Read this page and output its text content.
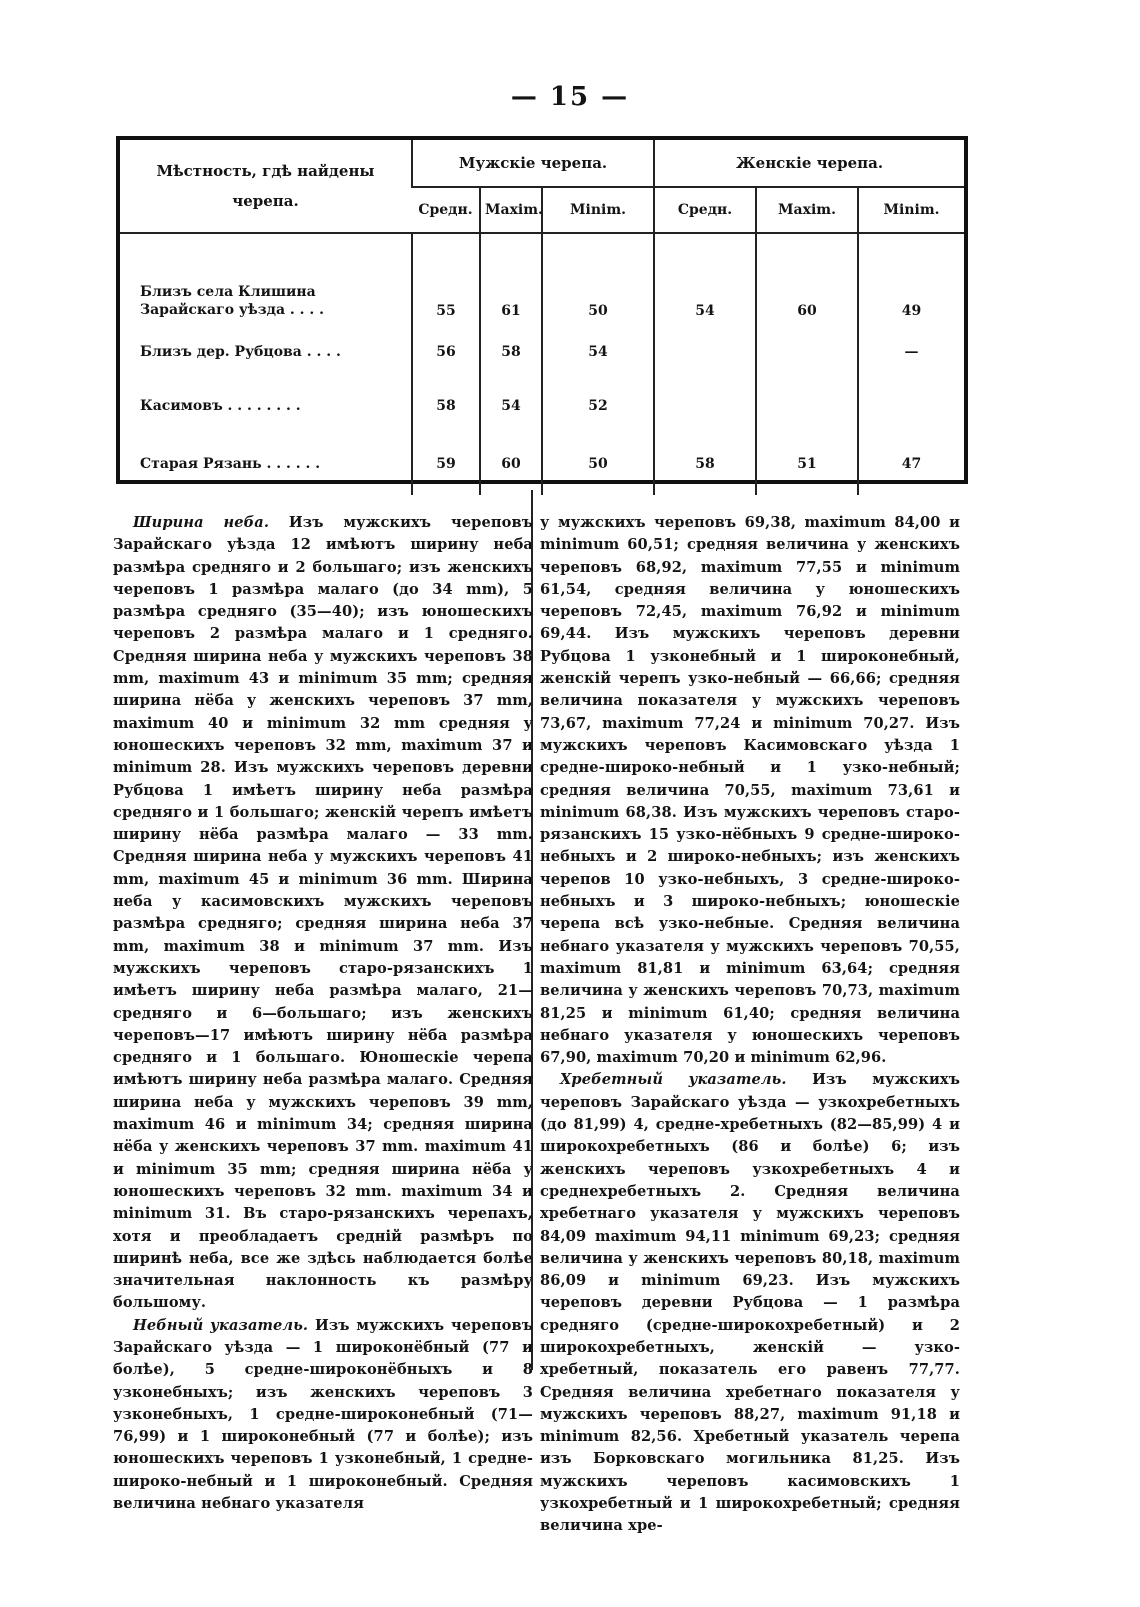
— 15 —
Мѣстность, гдѣ найдены черепа.	Мужскіе черепа.			Женскіе черепа.		
	Средн.	Maxim.	Minim.	Средн.	Maxim.	Minim.
Близъ села Клишина Зарайскаго уѣзда . . . .	55	61	50	54	60	49
Близъ дер. Рубцова . . . .	56	58	54			—
Касимовъ . . . . . . . .	58	54	52			
Старая Рязань . . . . . .	59	60	50	58	51	47

Ширина неба. Изъ мужскихъ череповъ Зарайскаго уѣзда 12 имѣютъ ширину неба размѣра средняго и 2 большаго; изъ женскихъ череповъ 1 размѣра малаго (до 34 mm), 5 размѣра средняго (35—40); изъ юношескихъ череповъ 2 размѣра малаго и 1 средняго. Средняя ширина неба у мужскихъ череповъ 38 mm, maximum 43 и minimum 35 mm; средняя ширина нёба у женскихъ череповъ 37 mm, maximum 40 и minimum 32 mm средняя у юношескихъ череповъ 32 mm, maximum 37 и minimum 28. Изъ мужскихъ череповъ деревни Рубцова 1 имѣетъ ширину неба размѣра средняго и 1 большаго; женскій черепъ имѣетъ ширину нёба размѣра малаго — 33 mm. Средняя ширина неба у мужскихъ череповъ 41 mm, maximum 45 и minimum 36 mm. Ширина неба у касимовскихъ мужскихъ череповъ размѣра средняго; средняя ширина неба 37 mm, maximum 38 и minimum 37 mm. Изъ мужскихъ череповъ старо-рязанскихъ 1 имѣетъ ширину неба размѣра малаго, 21—средняго и 6—большаго; изъ женскихъ череповъ—17 имѣютъ ширину нёба размѣра средняго и 1 большаго. Юношескіе черепа имѣютъ ширину неба размѣра малаго. Средняя ширина неба у мужскихъ череповъ 39 mm, maximum 46 и minimum 34; средняя ширина нёба у женскихъ череповъ 37 mm. maximum 41 и minimum 35 mm; средняя ширина нёба у юношескихъ череповъ 32 mm. maximum 34 и minimum 31. Въ старо-рязанскихъ черепахъ, хотя и преобладаетъ средній размѣръ по ширинѣ неба, все же здѣсь наблюдается болѣе значительная наклонность къ размѣру большому.

Небный указатель. Изъ мужскихъ череповъ Зарайскаго уѣзда — 1 широконёбный (77 и болѣе), 5 средне-широконёбныхъ и 8 узконебныхъ; изъ женскихъ череповъ 3 узконебныхъ, 1 средне-широконебный (71—76,99) и 1 широконебный (77 и болѣе); изъ юношескихъ череповъ 1 узконебный, 1 средне-широко-небный и 1 широконебный. Средняя величина небнаго указателя

у мужскихъ череповъ 69,38, maximum 84,00 и minimum 60,51; средняя величина у женскихъ череповъ 68,92, maximum 77,55 и minimum 61,54, средняя величина у юношескихъ череповъ 72,45, maximum 76,92 и minimum 69,44. Изъ мужскихъ череповъ деревни Рубцова 1 узконебный и 1 широконебный, женскій черепъ узко-небный — 66,66; средняя величина показателя у мужскихъ череповъ 73,67, maximum 77,24 и minimum 70,27. Изъ мужскихъ череповъ Касимовскаго уѣзда 1 средне-широко-небный и 1 узко-небный; средняя величина 70,55, maximum 73,61 и minimum 68,38. Изъ мужскихъ череповъ старо-рязанскихъ 15 узко-нёбныхъ 9 средне-широко-небныхъ и 2 широко-небныхъ; изъ женскихъ черепов 10 узко-небныхъ, 3 средне-широко-небныхъ и 3 широко-небныхъ; юношескіе черепа всѣ узко-небные. Средняя величина небнаго указателя у мужскихъ череповъ 70,55, maximum 81,81 и minimum 63,64; средняя величина у женскихъ череповъ 70,73, maximum 81,25 и minimum 61,40; средняя величина небнаго указателя у юношескихъ череповъ 67,90, maximum 70,20 и minimum 62,96.

Хребетный указатель. Изъ мужскихъ череповъ Зарайскаго уѣзда — узкохребетныхъ (до 81,99) 4, средне-хребетныхъ (82—85,99) 4 и широкохребетныхъ (86 и болѣе) 6; изъ женскихъ череповъ узкохребетныхъ 4 и среднехребетныхъ 2. Средняя величина хребетнаго указателя у мужскихъ череповъ 84,09 maximum 94,11 minimum 69,23; средняя величина у женскихъ череповъ 80,18, maximum 86,09 и minimum 69,23. Изъ мужскихъ череповъ деревни Рубцова — 1 размѣра средняго (средне-широкохребетный) и 2 широкохребетныхъ, женскій — узко-хребетный, показатель его равенъ 77,77. Средняя величина хребетнаго показателя у мужскихъ череповъ 88,27, maximum 91,18 и minimum 82,56. Хребетный указатель черепа изъ Борковскаго могильника 81,25. Изъ мужскихъ череповъ касимовскихъ 1 узкохребетный и 1 широкохребетный; средняя величина хре-
